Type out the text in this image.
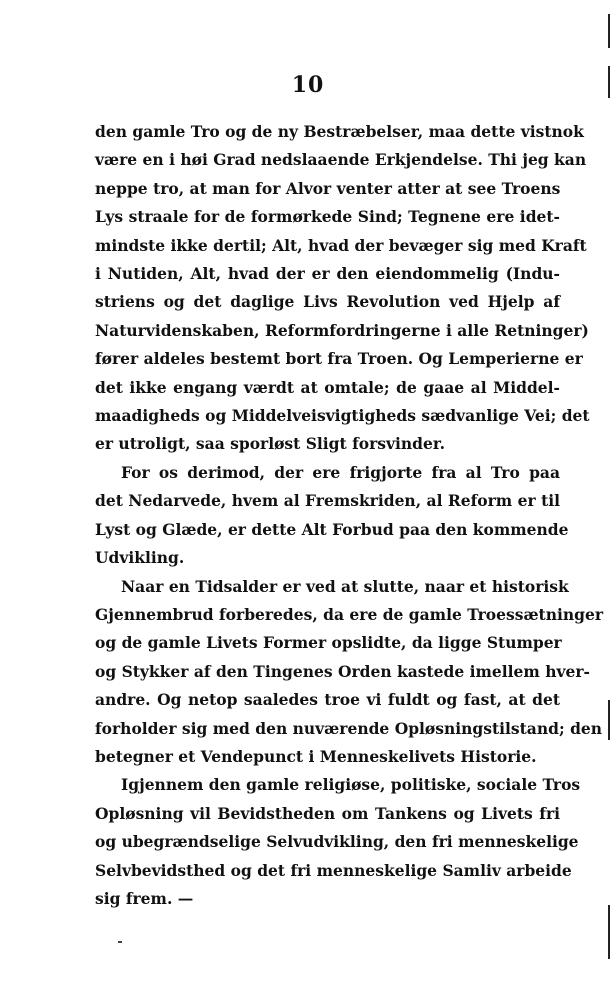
10
den gamle Tro og de ny Bestræbelser, maa dette vistnok
være en i høi Grad nedslaaende Erkjendelse. Thi jeg kan
neppe tro, at man for Alvor venter atter at see Troens
Lys straale for de formørkede Sind; Tegnene ere idet-
mindste ikke dertil; Alt, hvad der bevæger sig med Kraft
i Nutiden, Alt, hvad der er den eiendommelig (Indu-
striens og det daglige Livs Revolution ved Hjelp af
Naturvidenskaben, Reformfordringerne i alle Retninger)
fører aldeles bestemt bort fra Troen. Og Lemperierne er
det ikke engang værdt at omtale; de gaae al Middel-
maadigheds og Middelveisvigtigheds sædvanlige Vei; det
er utroligt, saa sporløst Sligt forsvinder.
For os derimod, der ere frigjorte fra al Tro paa
det Nedarvede, hvem al Fremskriden, al Reform er til
Lyst og Glæde, er dette Alt Forbud paa den kommende
Udvikling.
Naar en Tidsalder er ved at slutte, naar et historisk
Gjennembrud forberedes, da ere de gamle Troessætninger
og de gamle Livets Former opslidte, da ligge Stumper
og Stykker af den Tingenes Orden kastede imellem hver-
andre. Og netop saaledes troe vi fuldt og fast, at det
forholder sig med den nuværende Opløsningstilstand; den
betegner et Vendepunct i Menneskelivets Historie.
Igjennem den gamle religiøse, politiske, sociale Tros
Opløsning vil Bevidstheden om Tankens og Livets fri
og ubegrændselige Selvudvikling, den fri menneskelige
Selvbevidsthed og det fri menneskelige Samliv arbeide
sig frem. —
